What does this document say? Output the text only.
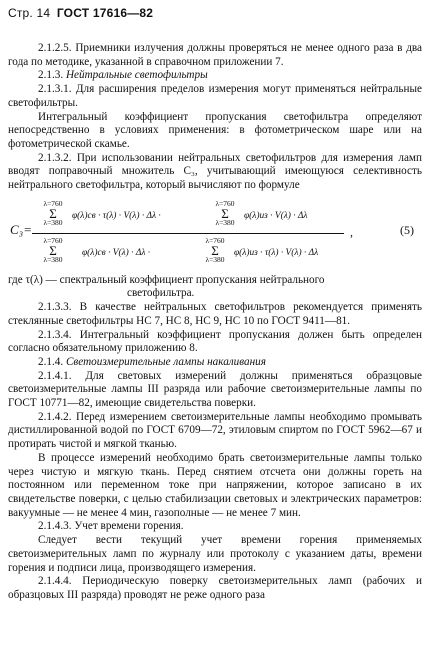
Стр. 14 ГОСТ 17616—82

2.1.2.5. Приемники излучения должны проверяться не менее одного раза в два года по методике, указанной в справочном приложении 7.

2.1.3. Нейтральные светофильтры

2.1.3.1. Для расширения пределов измерения могут применяться нейтральные светофильтры.

Интегральный коэффициент пропускания светофильтра определяют непосредственно в условиях применения: в фотометрическом шаре или на фотометрической скамье.

2.1.3.2. При использовании нейтральных светофильтров для измерения ламп вводят поправочный множитель C₃, учитывающий имеющуюся селективность нейтрального светофильтра, который вычисляют по формуле

C₃=
λ=760
Σ
λ=380
φ(λ)св · τ(λ) · V(λ) · Δλ ·
λ=760
Σ
λ=380
φ(λ)из · V(λ) · Δλ
λ=760
Σ
λ=380
φ(λ)св · V(λ) · Δλ ·
λ=760
Σ
λ=380
φ(λ)из · τ(λ) · V(λ) · Δλ
,	(5)

где τ(λ) — спектральный коэффициент пропускания нейтрального

светофильтра.

2.1.3.3. В качестве нейтральных светофильтров рекомендуется применять стеклянные светофильтры НС 7, НС 8, НС 9, НС 10 по ГОСТ 9411—81.

2.1.3.4. Интегральный коэффициент пропускания должен быть определен согласно обязательному приложению 8.

2.1.4. Светоизмерительные лампы накаливания

2.1.4.1. Для световых измерений должны применяться образцовые светоизмерительные лампы III разряда или рабочие светоизмерительные лампы по ГОСТ 10771—82, имеющие свидетельства поверки.

2.1.4.2. Перед измерением светоизмерительные лампы необходимо промывать дистиллированной водой по ГОСТ 6709—72, этиловым спиртом по ГОСТ 5962—67 и протирать чистой и мягкой тканью.

В процессе измерений необходимо брать светоизмерительные лампы только через чистую и мягкую ткань. Перед снятием отсчета они должны гореть на постоянном или переменном токе при напряжении, которое записано в их свидетельстве поверки, с целью стабилизации световых и электрических параметров: вакуумные — не менее 4 мин, газополные — не менее 7 мин.

2.1.4.3. Учет времени горения.

Следует вести текущий учет времени горения применяемых светоизмерительных ламп по журналу или протоколу с указанием даты, времени горения и подписи лица, производящего измерения.

2.1.4.4. Периодическую поверку светоизмерительных ламп (рабочих и образцовых III разряда) проводят не реже одного раза
